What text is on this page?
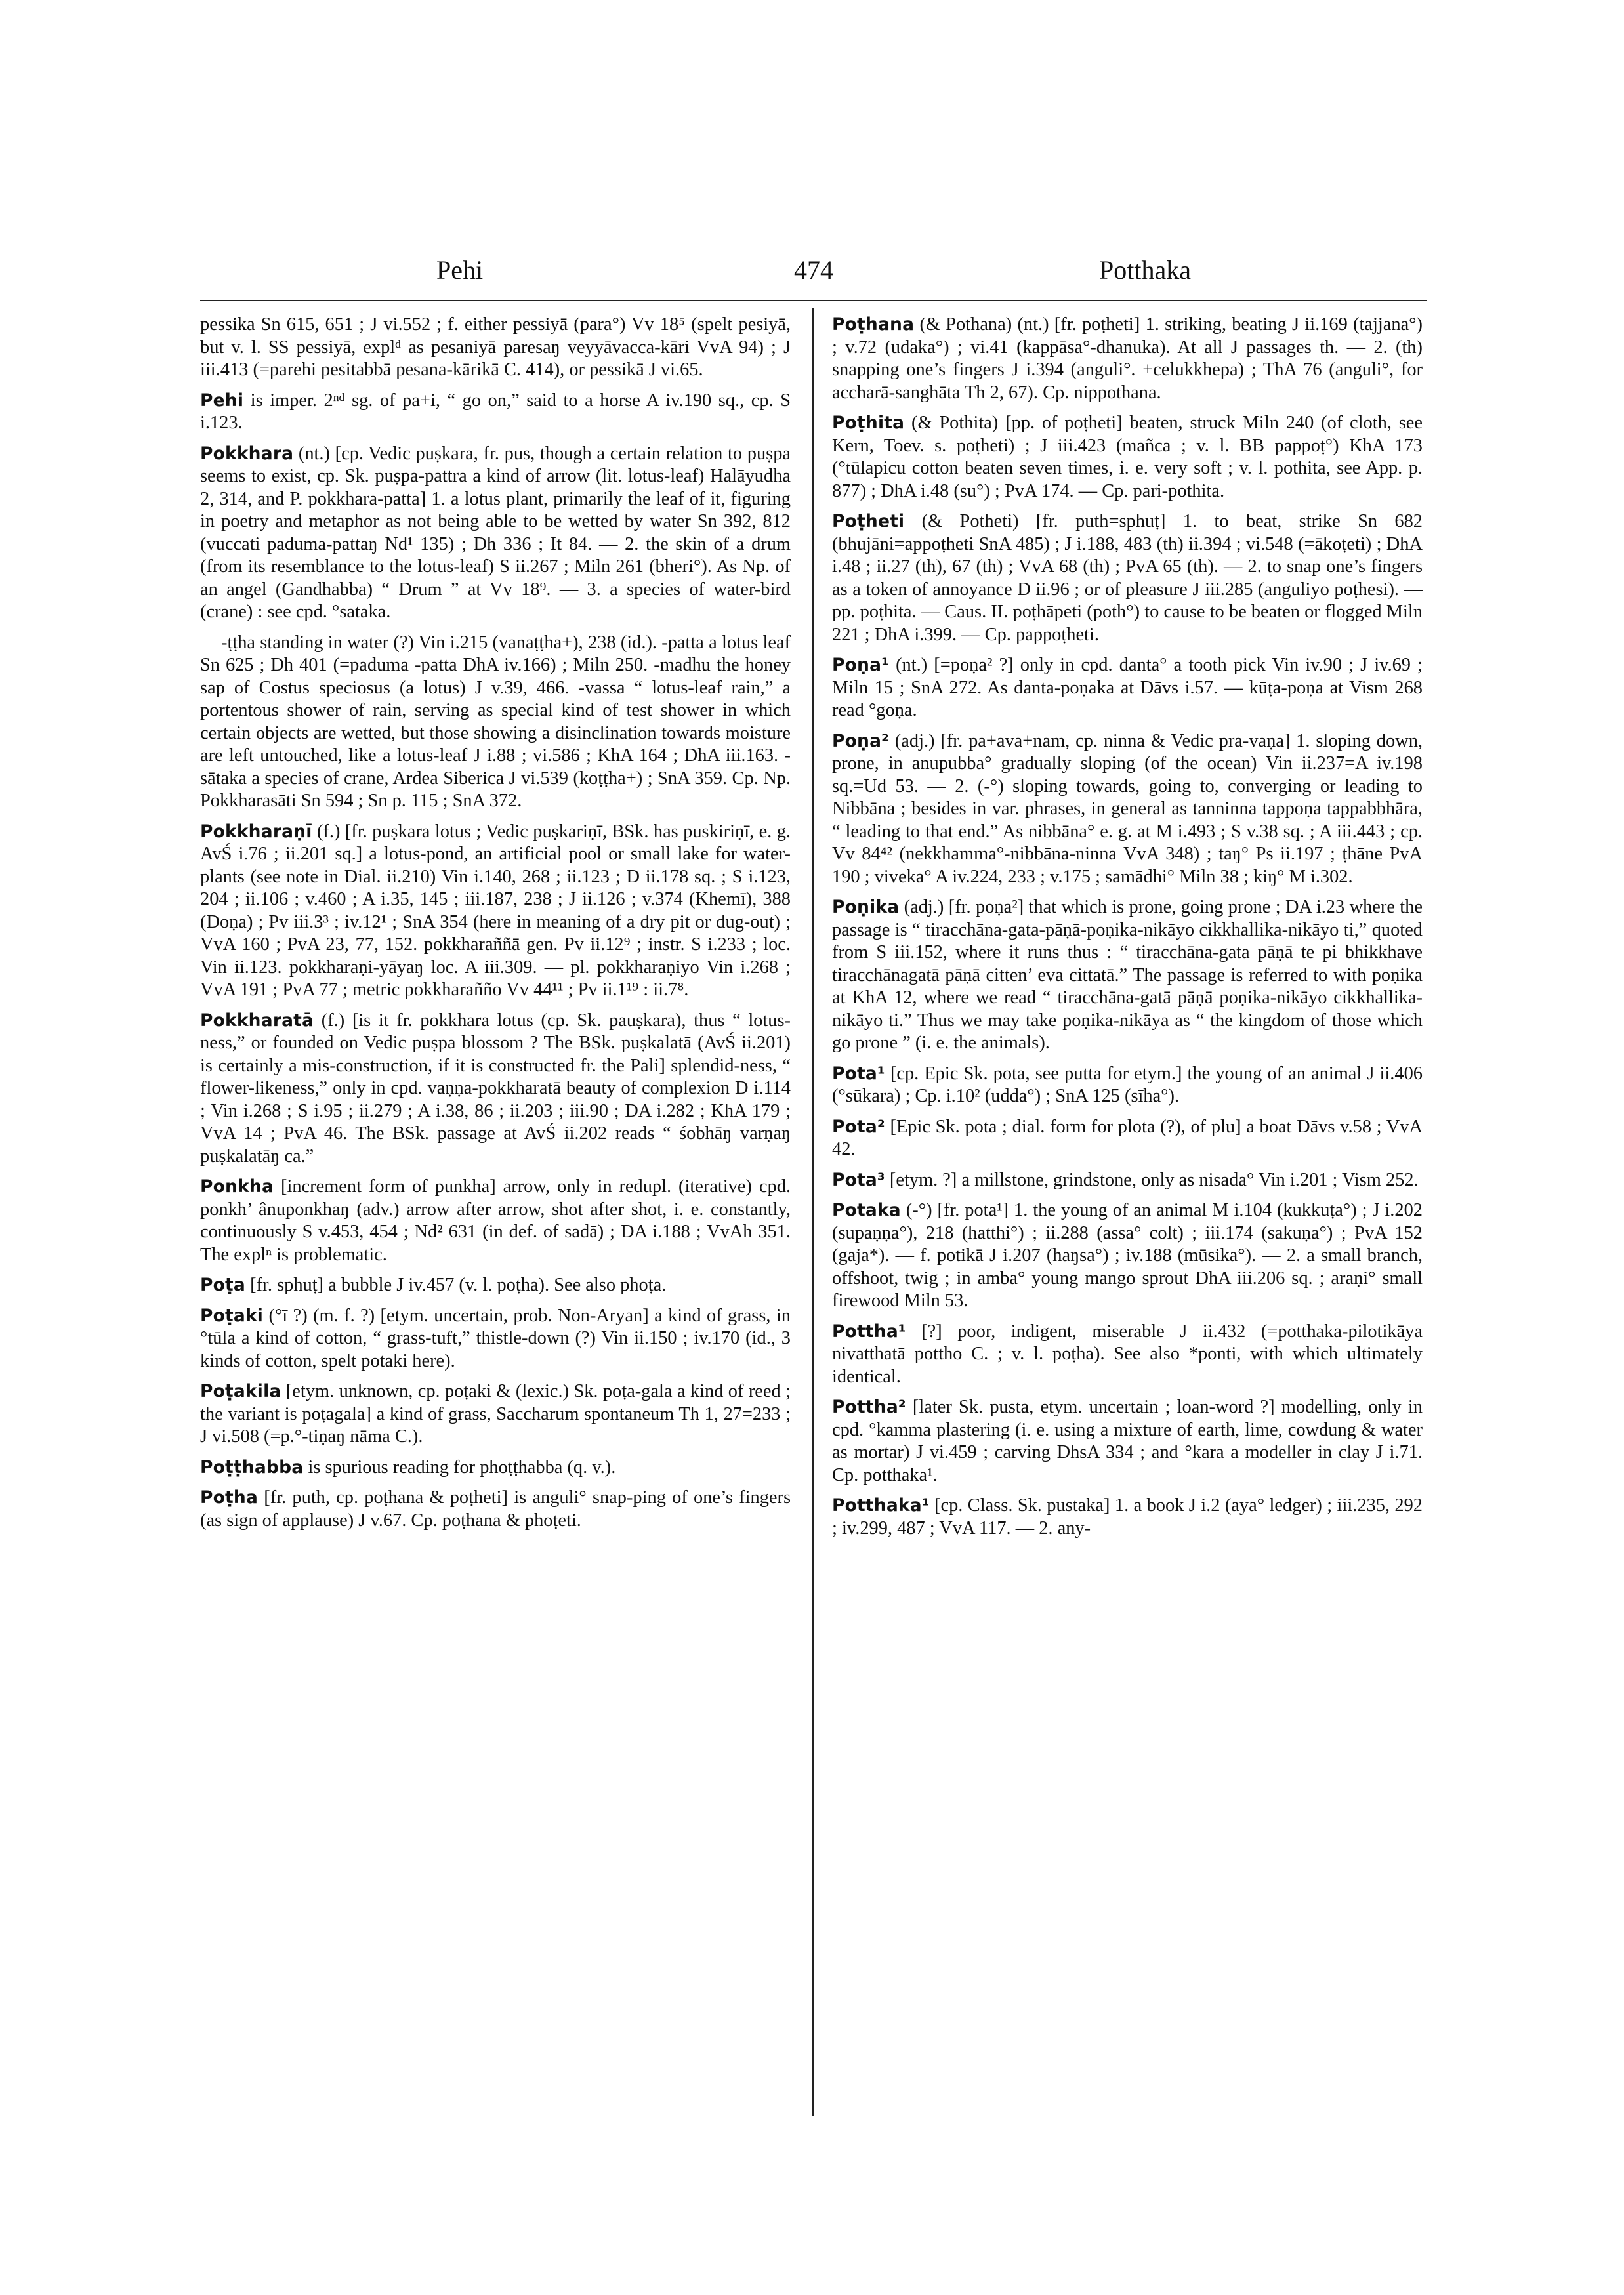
Pehi	474	Potthaka

pessika Sn 615, 651 ; J vi.552 ; f. either pessiyā (para°) Vv 18⁵ (spelt pesiyā, but v. l. SS pessiyā, explᵈ as pesaniyā paresaŋ veyyāvacca-kāri VvA 94) ; J iii.413 (=parehi pesitabbā pesana-kārikā C. 414), or pessikā J vi.65.

Pehi is imper. 2ⁿᵈ sg. of pa+i, “ go on,” said to a horse A iv.190 sq., cp. S i.123.

Pokkhara (nt.) [cp. Vedic puṣkara, fr. pus, though a certain relation to puṣpa seems to exist, cp. Sk. puṣpa-pattra a kind of arrow (lit. lotus-leaf) Halāyudha 2, 314, and P. pokkhara-patta] 1. a lotus plant, primarily the leaf of it, figuring in poetry and metaphor as not being able to be wetted by water Sn 392, 812 (vuccati paduma-pattaŋ Nd¹ 135) ; Dh 336 ; It 84. — 2. the skin of a drum (from its resemblance to the lotus-leaf) S ii.267 ; Miln 261 (bheri°). As Np. of an angel (Gandhabba) “ Drum ” at Vv 18⁹. — 3. a species of water-bird (crane) : see cpd. °sataka.

-ṭṭha standing in water (?) Vin i.215 (vanaṭṭha+), 238 (id.). -patta a lotus leaf Sn 625 ; Dh 401 (=paduma -patta DhA iv.166) ; Miln 250. -madhu the honey sap of Costus speciosus (a lotus) J v.39, 466. -vassa “ lotus-leaf rain,” a portentous shower of rain, serving as special kind of test shower in which certain objects are wetted, but those showing a disinclination towards moisture are left untouched, like a lotus-leaf J i.88 ; vi.586 ; KhA 164 ; DhA iii.163. -sātaka a species of crane, Ardea Siberica J vi.539 (koṭṭha+) ; SnA 359. Cp. Np. Pokkharasāti Sn 594 ; Sn p. 115 ; SnA 372.

Pokkharaṇī (f.) [fr. puṣkara lotus ; Vedic puṣkariṇī, BSk. has puskiriṇī, e. g. AvŚ i.76 ; ii.201 sq.] a lotus-pond, an artificial pool or small lake for water-plants (see note in Dial. ii.210) Vin i.140, 268 ; ii.123 ; D ii.178 sq. ; S i.123, 204 ; ii.106 ; v.460 ; A i.35, 145 ; iii.187, 238 ; J ii.126 ; v.374 (Khemī), 388 (Doṇa) ; Pv iii.3³ ; iv.12¹ ; SnA 354 (here in meaning of a dry pit or dug-out) ; VvA 160 ; PvA 23, 77, 152. pokkharaññā gen. Pv ii.12⁹ ; instr. S i.233 ; loc. Vin ii.123. pokkharaṇi-yāyaŋ loc. A iii.309. — pl. pokkharaṇiyo Vin i.268 ; VvA 191 ; PvA 77 ; metric pokkharañño Vv 44¹¹ ; Pv ii.1¹⁹ : ii.7⁸.

Pokkharatā (f.) [is it fr. pokkhara lotus (cp. Sk. pauṣkara), thus “ lotus-ness,” or founded on Vedic puṣpa blossom ? The BSk. puṣkalatā (AvŚ ii.201) is certainly a mis-construction, if it is constructed fr. the Pali] splendid-ness, “ flower-likeness,” only in cpd. vaṇṇa-pokkharatā beauty of complexion D i.114 ; Vin i.268 ; S i.95 ; ii.279 ; A i.38, 86 ; ii.203 ; iii.90 ; DA i.282 ; KhA 179 ; VvA 14 ; PvA 46. The BSk. passage at AvŚ ii.202 reads “ śobhāŋ varṇaŋ puṣkalatāŋ ca.”

Ponkha [increment form of punkha] arrow, only in redupl. (iterative) cpd. ponkh’ ânuponkhaŋ (adv.) arrow after arrow, shot after shot, i. e. constantly, continuously S v.453, 454 ; Nd² 631 (in def. of sadā) ; DA i.188 ; VvAh 351. The explⁿ is problematic.

Poṭa [fr. sphuṭ] a bubble J iv.457 (v. l. poṭha). See also phoṭa.

Poṭaki (°ī ?) (m. f. ?) [etym. uncertain, prob. Non-Aryan] a kind of grass, in °tūla a kind of cotton, “ grass-tuft,” thistle-down (?) Vin ii.150 ; iv.170 (id., 3 kinds of cotton, spelt potaki here).

Poṭakila [etym. unknown, cp. poṭaki & (lexic.) Sk. poṭa-gala a kind of reed ; the variant is poṭagala] a kind of grass, Saccharum spontaneum Th 1, 27=233 ; J vi.508 (=p.°-tiṇaŋ nāma C.).

Poṭṭhabba is spurious reading for phoṭṭhabba (q. v.).

Poṭha [fr. puth, cp. poṭhana & poṭheti] is anguli° snap-ping of one’s fingers (as sign of applause) J v.67. Cp. poṭhana & phoṭeti.

Poṭhana (& Pothana) (nt.) [fr. poṭheti] 1. striking, beating J ii.169 (tajjana°) ; v.72 (udaka°) ; vi.41 (kappāsa°-dhanuka). At all J passages th. — 2. (th) snapping one’s fingers J i.394 (anguli°. +celukkhepa) ; ThA 76 (anguli°, for accharā-sanghāta Th 2, 67). Cp. nippothana.

Poṭhita (& Pothita) [pp. of poṭheti] beaten, struck Miln 240 (of cloth, see Kern, Toev. s. poṭheti) ; J iii.423 (mañca ; v. l. BB pappoṭ°) KhA 173 (°tūlapicu cotton beaten seven times, i. e. very soft ; v. l. pothita, see App. p. 877) ; DhA i.48 (su°) ; PvA 174. — Cp. pari-pothita.

Poṭheti (& Potheti) [fr. puth=sphuṭ] 1. to beat, strike Sn 682 (bhujāni=appoṭheti SnA 485) ; J i.188, 483 (th) ii.394 ; vi.548 (=ākoṭeti) ; DhA i.48 ; ii.27 (th), 67 (th) ; VvA 68 (th) ; PvA 65 (th). — 2. to snap one’s fingers as a token of annoyance D ii.96 ; or of pleasure J iii.285 (anguliyo poṭhesi). — pp. poṭhita. — Caus. II. poṭhāpeti (poth°) to cause to be beaten or flogged Miln 221 ; DhA i.399. — Cp. pappoṭheti.

Poṇa¹ (nt.) [=poṇa² ?] only in cpd. danta° a tooth pick Vin iv.90 ; J iv.69 ; Miln 15 ; SnA 272. As danta-poṇaka at Dāvs i.57. — kūṭa-poṇa at Vism 268 read °goṇa.

Poṇa² (adj.) [fr. pa+ava+nam, cp. ninna & Vedic pra-vaṇa] 1. sloping down, prone, in anupubba° gradually sloping (of the ocean) Vin ii.237=A iv.198 sq.=Ud 53. — 2. (-°) sloping towards, going to, converging or leading to Nibbāna ; besides in var. phrases, in general as tanninna tappoṇa tappabbhāra, “ leading to that end.” As nibbāna° e. g. at M i.493 ; S v.38 sq. ; A iii.443 ; cp. Vv 84⁴² (nekkhamma°-nibbāna-ninna VvA 348) ; taŋ° Ps ii.197 ; ṭhāne PvA 190 ; viveka° A iv.224, 233 ; v.175 ; samādhi° Miln 38 ; kiŋ° M i.302.

Poṇika (adj.) [fr. poṇa²] that which is prone, going prone ; DA i.23 where the passage is “ tiracchāna-gata-pāṇā-poṇika-nikāyo cikkhallika-nikāyo ti,” quoted from S iii.152, where it runs thus : “ tiracchāna-gata pāṇā te pi bhikkhave tiracchānagatā pāṇā citten’ eva cittatā.” The passage is referred to with poṇika at KhA 12, where we read “ tiracchāna-gatā pāṇā poṇika-nikāyo cikkhallika-nikāyo ti.” Thus we may take poṇika-nikāya as “ the kingdom of those which go prone ” (i. e. the animals).

Pota¹ [cp. Epic Sk. pota, see putta for etym.] the young of an animal J ii.406 (°sūkara) ; Cp. i.10² (udda°) ; SnA 125 (sīha°).

Pota² [Epic Sk. pota ; dial. form for plota (?), of plu] a boat Dāvs v.58 ; VvA 42.

Pota³ [etym. ?] a millstone, grindstone, only as nisada° Vin i.201 ; Vism 252.

Potaka (-°) [fr. pota¹] 1. the young of an animal M i.104 (kukkuṭa°) ; J i.202 (supaṇṇa°), 218 (hatthi°) ; ii.288 (assa° colt) ; iii.174 (sakuṇa°) ; PvA 152 (gaja*). — f. potikā J i.207 (haŋsa°) ; iv.188 (mūsika°). — 2. a small branch, offshoot, twig ; in amba° young mango sprout DhA iii.206 sq. ; araṇi° small firewood Miln 53.

Pottha¹ [?] poor, indigent, miserable J ii.432 (=potthaka-pilotikāya nivatthatā pottho C. ; v. l. poṭha). See also *ponti, with which ultimately identical.

Pottha² [later Sk. pusta, etym. uncertain ; loan-word ?] modelling, only in cpd. °kamma plastering (i. e. using a mixture of earth, lime, cowdung & water as mortar) J vi.459 ; carving DhsA 334 ; and °kara a modeller in clay J i.71. Cp. potthaka¹.

Potthaka¹ [cp. Class. Sk. pustaka] 1. a book J i.2 (aya° ledger) ; iii.235, 292 ; iv.299, 487 ; VvA 117. — 2. any-
